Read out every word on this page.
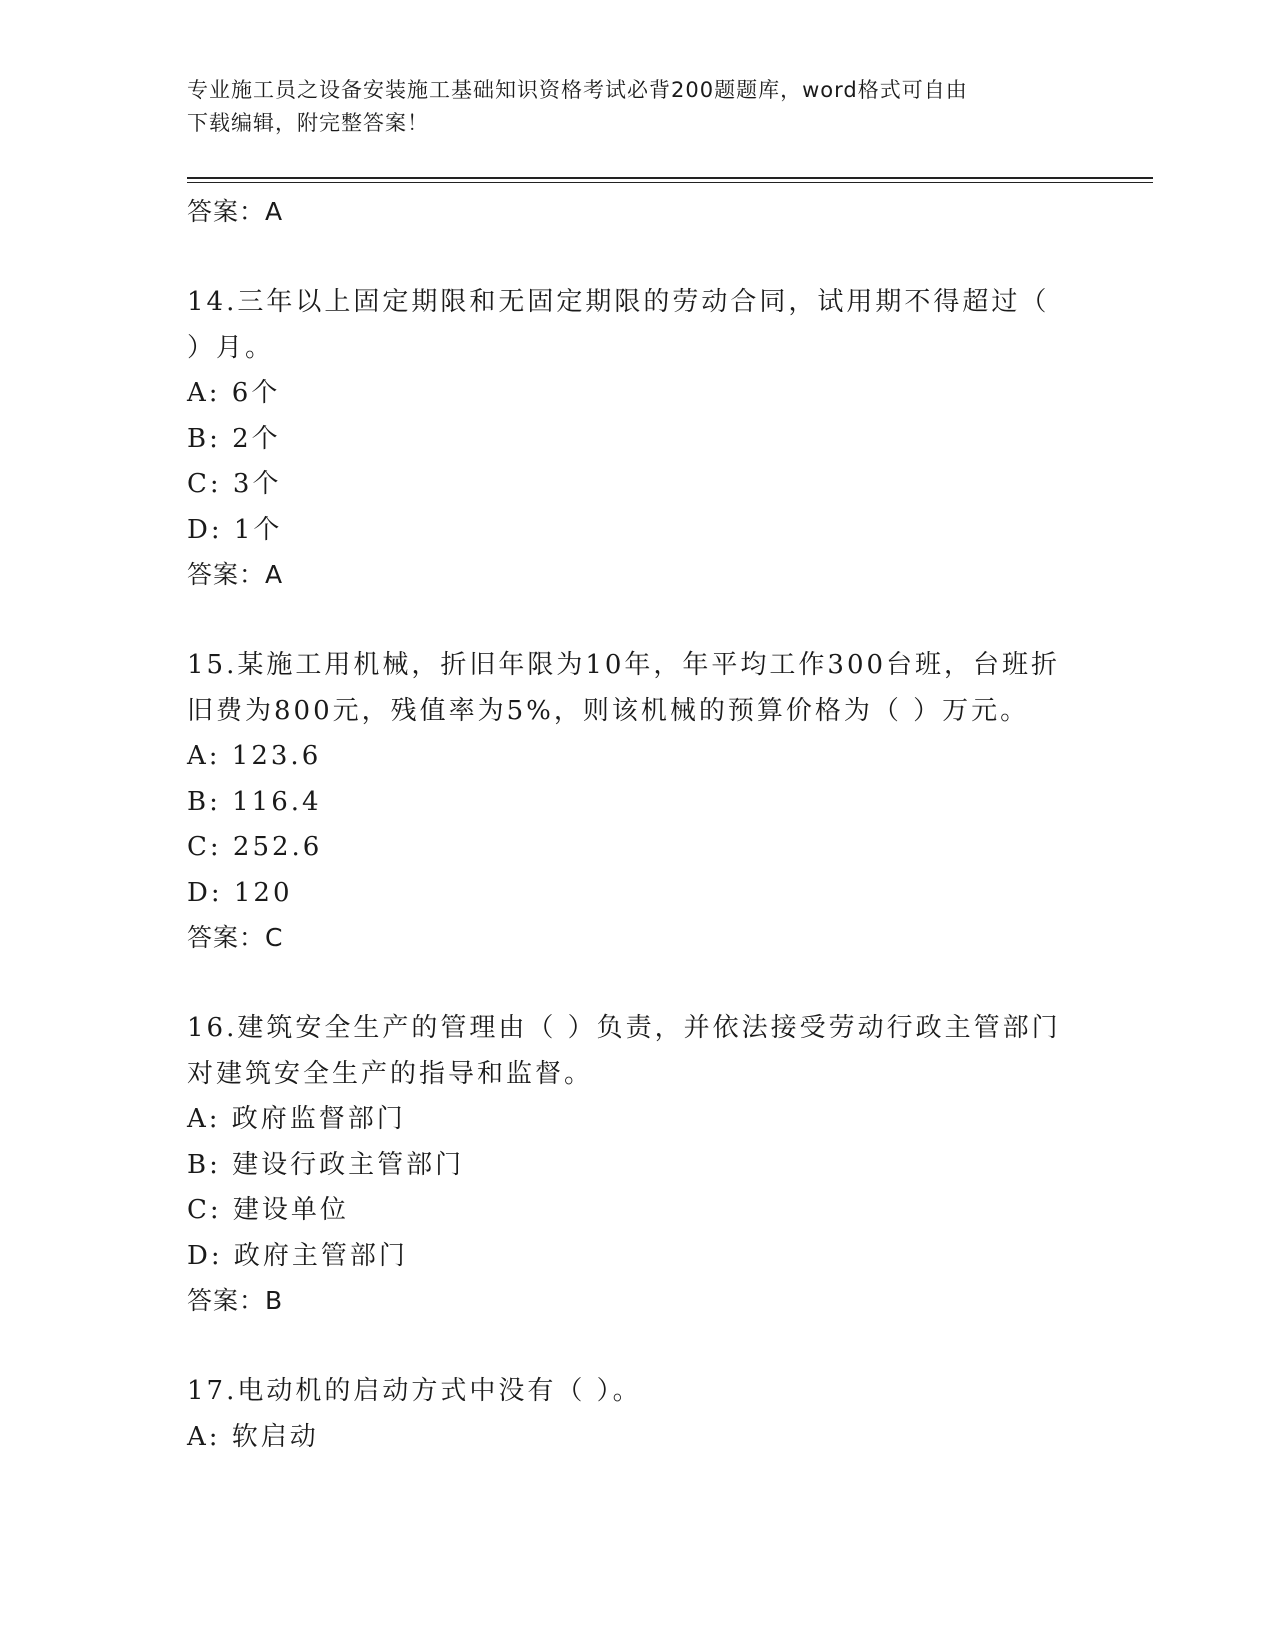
专业施工员之设备安装施工基础知识资格考试必背200题题库，word格式可自由
下载编辑，附完整答案！
答案：A
14.三年以上固定期限和无固定期限的劳动合同，试用期不得超过（
）月。
A: 6个
B: 2个
C: 3个
D: 1个
答案：A
15.某施工用机械，折旧年限为10年，年平均工作300台班，台班折
旧费为800元，残值率为5%，则该机械的预算价格为（ ）万元。
A: 123.6
B: 116.4
C: 252.6
D: 120
答案：C
16.建筑安全生产的管理由（ ）负责，并依法接受劳动行政主管部门
对建筑安全生产的指导和监督。
A: 政府监督部门
B: 建设行政主管部门
C: 建设单位
D: 政府主管部门
答案：B
17.电动机的启动方式中没有（ ）。
A: 软启动
